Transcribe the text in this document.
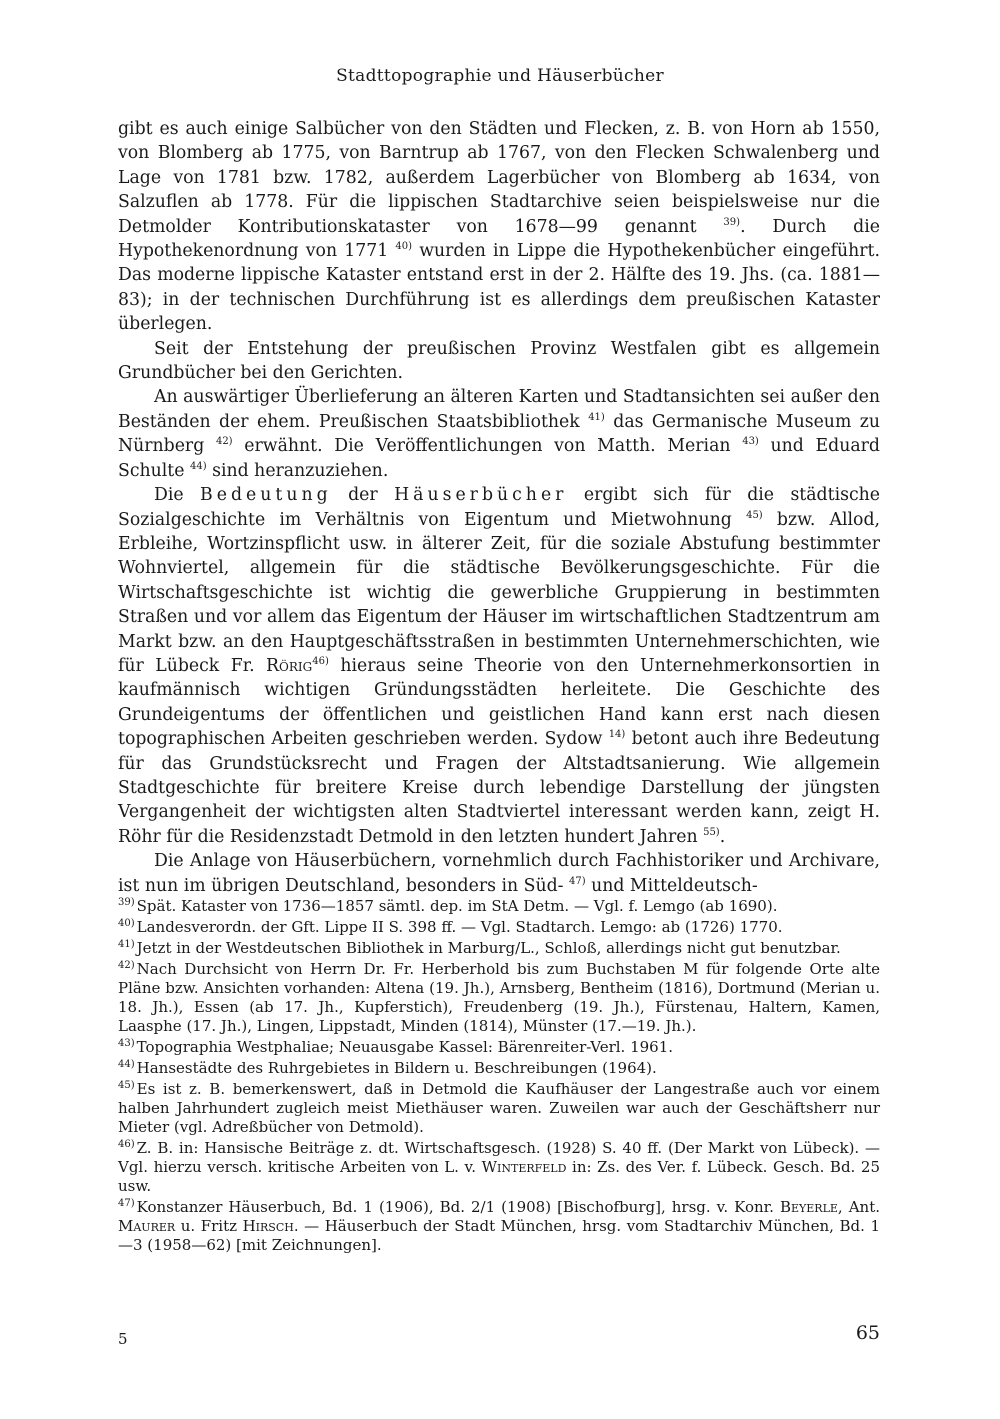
Stadttopographie und Häuserbücher

gibt es auch einige Salbücher von den Städten und Flecken, z. B. von Horn ab 1550, von Blomberg ab 1775, von Barntrup ab 1767, von den Flecken Schwalenberg und Lage von 1781 bzw. 1782, außerdem Lagerbücher von Blomberg ab 1634, von Salzuflen ab 1778. Für die lippischen Stadtarchive seien beispielsweise nur die Detmolder Kontributionskataster von 1678—99 genannt $^{39)}$. Durch die Hypothekenordnung von 1771 $^{40)}$ wurden in Lippe die Hypothekenbücher eingeführt. Das moderne lippische Kataster entstand erst in der 2. Hälfte des 19. Jhs. (ca. 1881—83); in der technischen Durchführung ist es allerdings dem preußischen Kataster überlegen.

Seit der Entstehung der preußischen Provinz Westfalen gibt es allgemein Grundbücher bei den Gerichten.

An auswärtiger Überlieferung an älteren Karten und Stadtansichten sei außer den Beständen der ehem. Preußischen Staatsbibliothek $^{41)}$ das Germanische Museum zu Nürnberg $^{42)}$ erwähnt. Die Veröffentlichungen von Matth. Merian $^{43)}$ und Eduard Schulte $^{44)}$ sind heranzuziehen.

Die Bedeutung der Häuserbücher ergibt sich für die städtische Sozialgeschichte im Verhältnis von Eigentum und Mietwohnung $^{45)}$ bzw. Allod, Erbleihe, Wortzinspflicht usw. in älterer Zeit, für die soziale Abstufung bestimmter Wohnviertel, allgemein für die städtische Bevölkerungsgeschichte. Für die Wirtschaftsgeschichte ist wichtig die gewerbliche Gruppierung in bestimmten Straßen und vor allem das Eigentum der Häuser im wirtschaftlichen Stadtzentrum am Markt bzw. an den Hauptgeschäftsstraßen in bestimmten Unternehmerschichten, wie für Lübeck Fr. Rörig$^{46)}$ hieraus seine Theorie von den Unternehmerkonsortien in kaufmännisch wichtigen Gründungsstädten herleitete. Die Geschichte des Grundeigentums der öffentlichen und geistlichen Hand kann erst nach diesen topographischen Arbeiten geschrieben werden. Sydow $^{14)}$ betont auch ihre Bedeutung für das Grundstücksrecht und Fragen der Altstadtsanierung. Wie allgemein Stadtgeschichte für breitere Kreise durch lebendige Darstellung der jüngsten Vergangenheit der wichtigsten alten Stadtviertel interessant werden kann, zeigt H. Röhr für die Residenzstadt Detmold in den letzten hundert Jahren $^{55)}$.

Die Anlage von Häuserbüchern, vornehmlich durch Fachhistoriker und Archivare, ist nun im übrigen Deutschland, besonders in Süd- $^{47)}$ und Mitteldeutsch-

$^{39)}$ Spät. Kataster von 1736—1857 sämtl. dep. im StA Detm. — Vgl. f. Lemgo (ab 1690).

$^{40)}$ Landesverordn. der Gft. Lippe II S. 398 ff. — Vgl. Stadtarch. Lemgo: ab (1726) 1770.

$^{41)}$ Jetzt in der Westdeutschen Bibliothek in Marburg/L., Schloß, allerdings nicht gut benutzbar.

$^{42)}$ Nach Durchsicht von Herrn Dr. Fr. Herberhold bis zum Buchstaben M für folgende Orte alte Pläne bzw. Ansichten vorhanden: Altena (19. Jh.), Arnsberg, Bentheim (1816), Dortmund (Merian u. 18. Jh.), Essen (ab 17. Jh., Kupferstich), Freudenberg (19. Jh.), Fürstenau, Haltern, Kamen, Laasphe (17. Jh.), Lingen, Lippstadt, Minden (1814), Münster (17.—19. Jh.).

$^{43)}$ Topographia Westphaliae; Neuausgabe Kassel: Bärenreiter-Verl. 1961.

$^{44)}$ Hansestädte des Ruhrgebietes in Bildern u. Beschreibungen (1964).

$^{45)}$ Es ist z. B. bemerkenswert, daß in Detmold die Kaufhäuser der Langestraße auch vor einem halben Jahrhundert zugleich meist Miethäuser waren. Zuweilen war auch der Geschäftsherr nur Mieter (vgl. Adreßbücher von Detmold).

$^{46)}$ Z. B. in: Hansische Beiträge z. dt. Wirtschaftsgesch. (1928) S. 40 ff. (Der Markt von Lübeck). — Vgl. hierzu versch. kritische Arbeiten von L. v. Winterfeld in: Zs. des Ver. f. Lübeck. Gesch. Bd. 25 usw.

$^{47)}$ Konstanzer Häuserbuch, Bd. 1 (1906), Bd. 2/1 (1908) [Bischofburg], hrsg. v. Konr. Beyerle, Ant. Maurer u. Fritz Hirsch. — Häuserbuch der Stadt München, hrsg. vom Stadtarchiv München, Bd. 1—3 (1958—62) [mit Zeichnungen].

5	65
